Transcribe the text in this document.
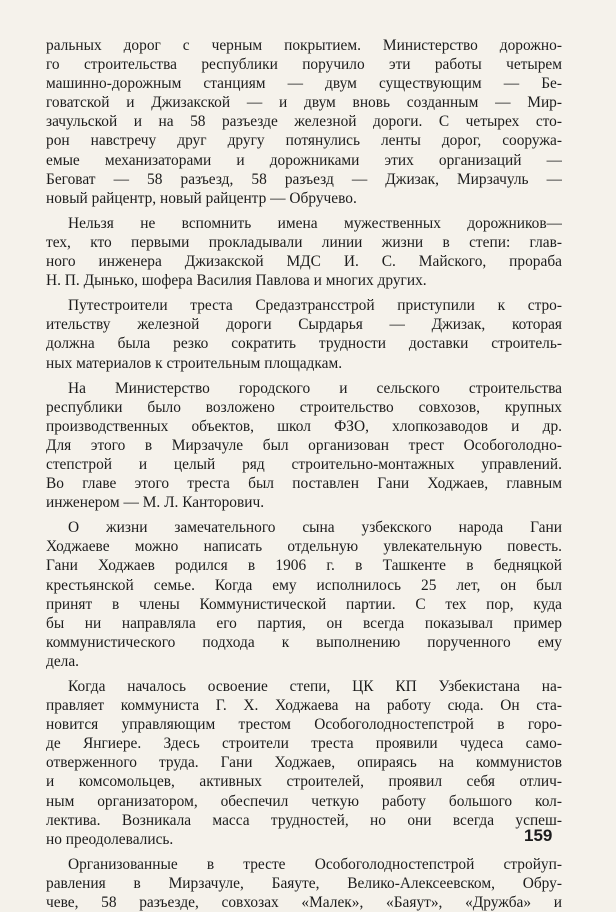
ральных дорог с черным покрытием. Министерство дорожно-
го строительства республики поручило эти работы четырем
машинно-дорожным станциям — двум существующим — Бе-
говатской и Джизакской — и двум вновь созданным — Мир-
зачульской и на 58 разъезде железной дороги. С четырех сто-
рон навстречу друг другу потянулись ленты дорог, сооружа-
емые механизаторами и дорожниками этих организаций —
Беговат — 58 разъезд, 58 разъезд — Джизак, Мирзачуль —
новый райцентр, новый райцентр — Обручево.
Нельзя не вспомнить имена мужественных дорожников—
тех, кто первыми прокладывали линии жизни в степи: глав-
ного инженера Джизакской МДС И. С. Майского, прораба
Н. П. Дынько, шофера Василия Павлова и многих других.
Путестроители треста Средазтрансстрой приступили к стро-
ительству железной дороги Сырдарья — Джизак, которая
должна была резко сократить трудности доставки строитель-
ных материалов к строительным площадкам.
На Министерство городского и сельского строительства
республики было возложено строительство совхозов, крупных
производственных объектов, школ ФЗО, хлопкозаводов и др.
Для этого в Мирзачуле был организован трест Особоголодно-
степстрой и целый ряд строительно-монтажных управлений.
Во главе этого треста был поставлен Гани Ходжаев, главным
инженером — М. Л. Канторович.
О жизни замечательного сына узбекского народа Гани
Ходжаеве можно написать отдельную увлекательную повесть.
Гани Ходжаев родился в 1906 г. в Ташкенте в бедняцкой
крестьянской семье. Когда ему исполнилось 25 лет, он был
принят в члены Коммунистической партии. С тех пор, куда
бы ни направляла его партия, он всегда показывал пример
коммунистического подхода к выполнению порученного ему
дела.
Когда началось освоение степи, ЦК КП Узбекистана на-
правляет коммуниста Г. Х. Ходжаева на работу сюда. Он ста-
новится управляющим трестом Особоголодностепстрой в горо-
де Янгиере. Здесь строители треста проявили чудеса само-
отверженного труда. Гани Ходжаев, опираясь на коммунистов
и комсомольцев, активных строителей, проявил себя отлич-
ным организатором, обеспечил четкую работу большого кол-
лектива. Возникала масса трудностей, но они всегда успеш-
но преодолевались.
Организованные в тресте Особоголодностепстрой стройуп-
равления в Мирзачуле, Баяуте, Велико-Алексеевском, Обру-
чеве, 58 разъезде, совхозах «Малек», «Баяут», «Дружба» и
159
